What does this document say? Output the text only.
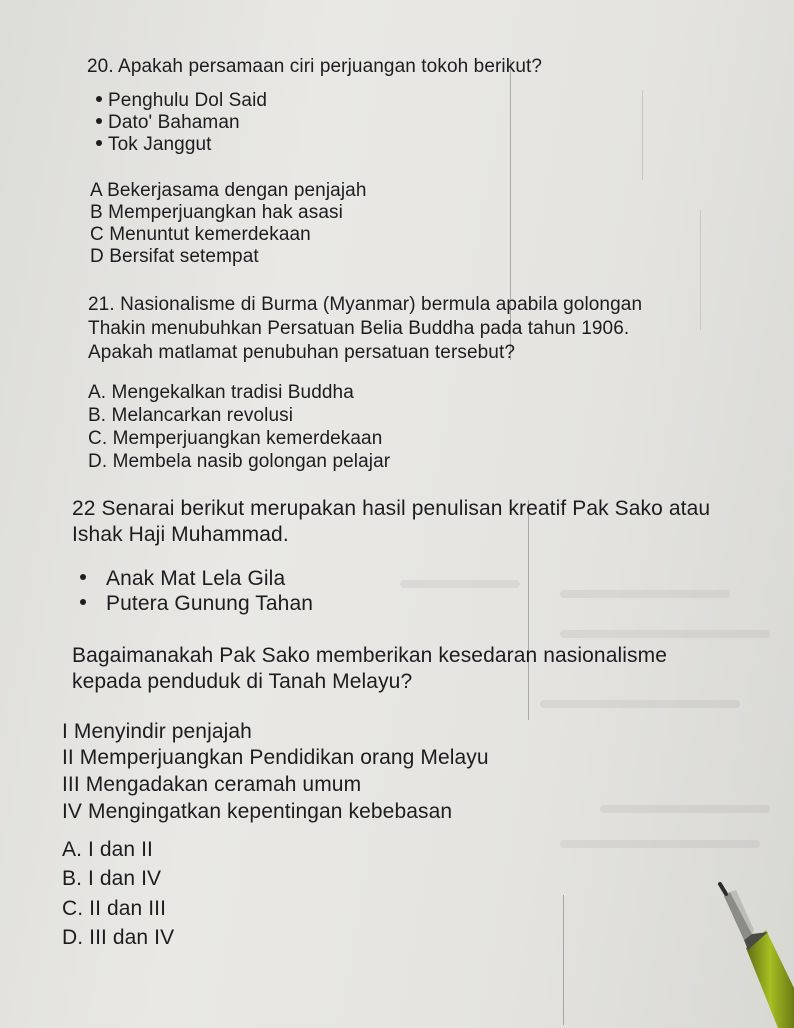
20. Apakah persamaan ciri perjuangan tokoh berikut?
Penghulu Dol Said
Dato' Bahaman
Tok Janggut
A Bekerjasama dengan penjajah
B Memperjuangkan hak asasi
C Menuntut kemerdekaan
D Bersifat setempat
21. Nasionalisme di Burma (Myanmar) bermula apabila golongan
Thakin menubuhkan Persatuan Belia Buddha pada tahun 1906.
Apakah matlamat penubuhan persatuan tersebut?
A. Mengekalkan tradisi Buddha
B. Melancarkan revolusi
C. Memperjuangkan kemerdekaan
D. Membela nasib golongan pelajar
22 Senarai berikut merupakan hasil penulisan kreatif Pak Sako atau
Ishak Haji Muhammad.
Anak Mat Lela Gila
Putera Gunung Tahan
Bagaimanakah Pak Sako memberikan kesedaran nasionalisme
kepada penduduk di Tanah Melayu?
I Menyindir penjajah
II Memperjuangkan Pendidikan orang Melayu
III Mengadakan ceramah umum
IV Mengingatkan kepentingan kebebasan
A. I dan II
B. I dan IV
C. II dan III
D. III dan IV
